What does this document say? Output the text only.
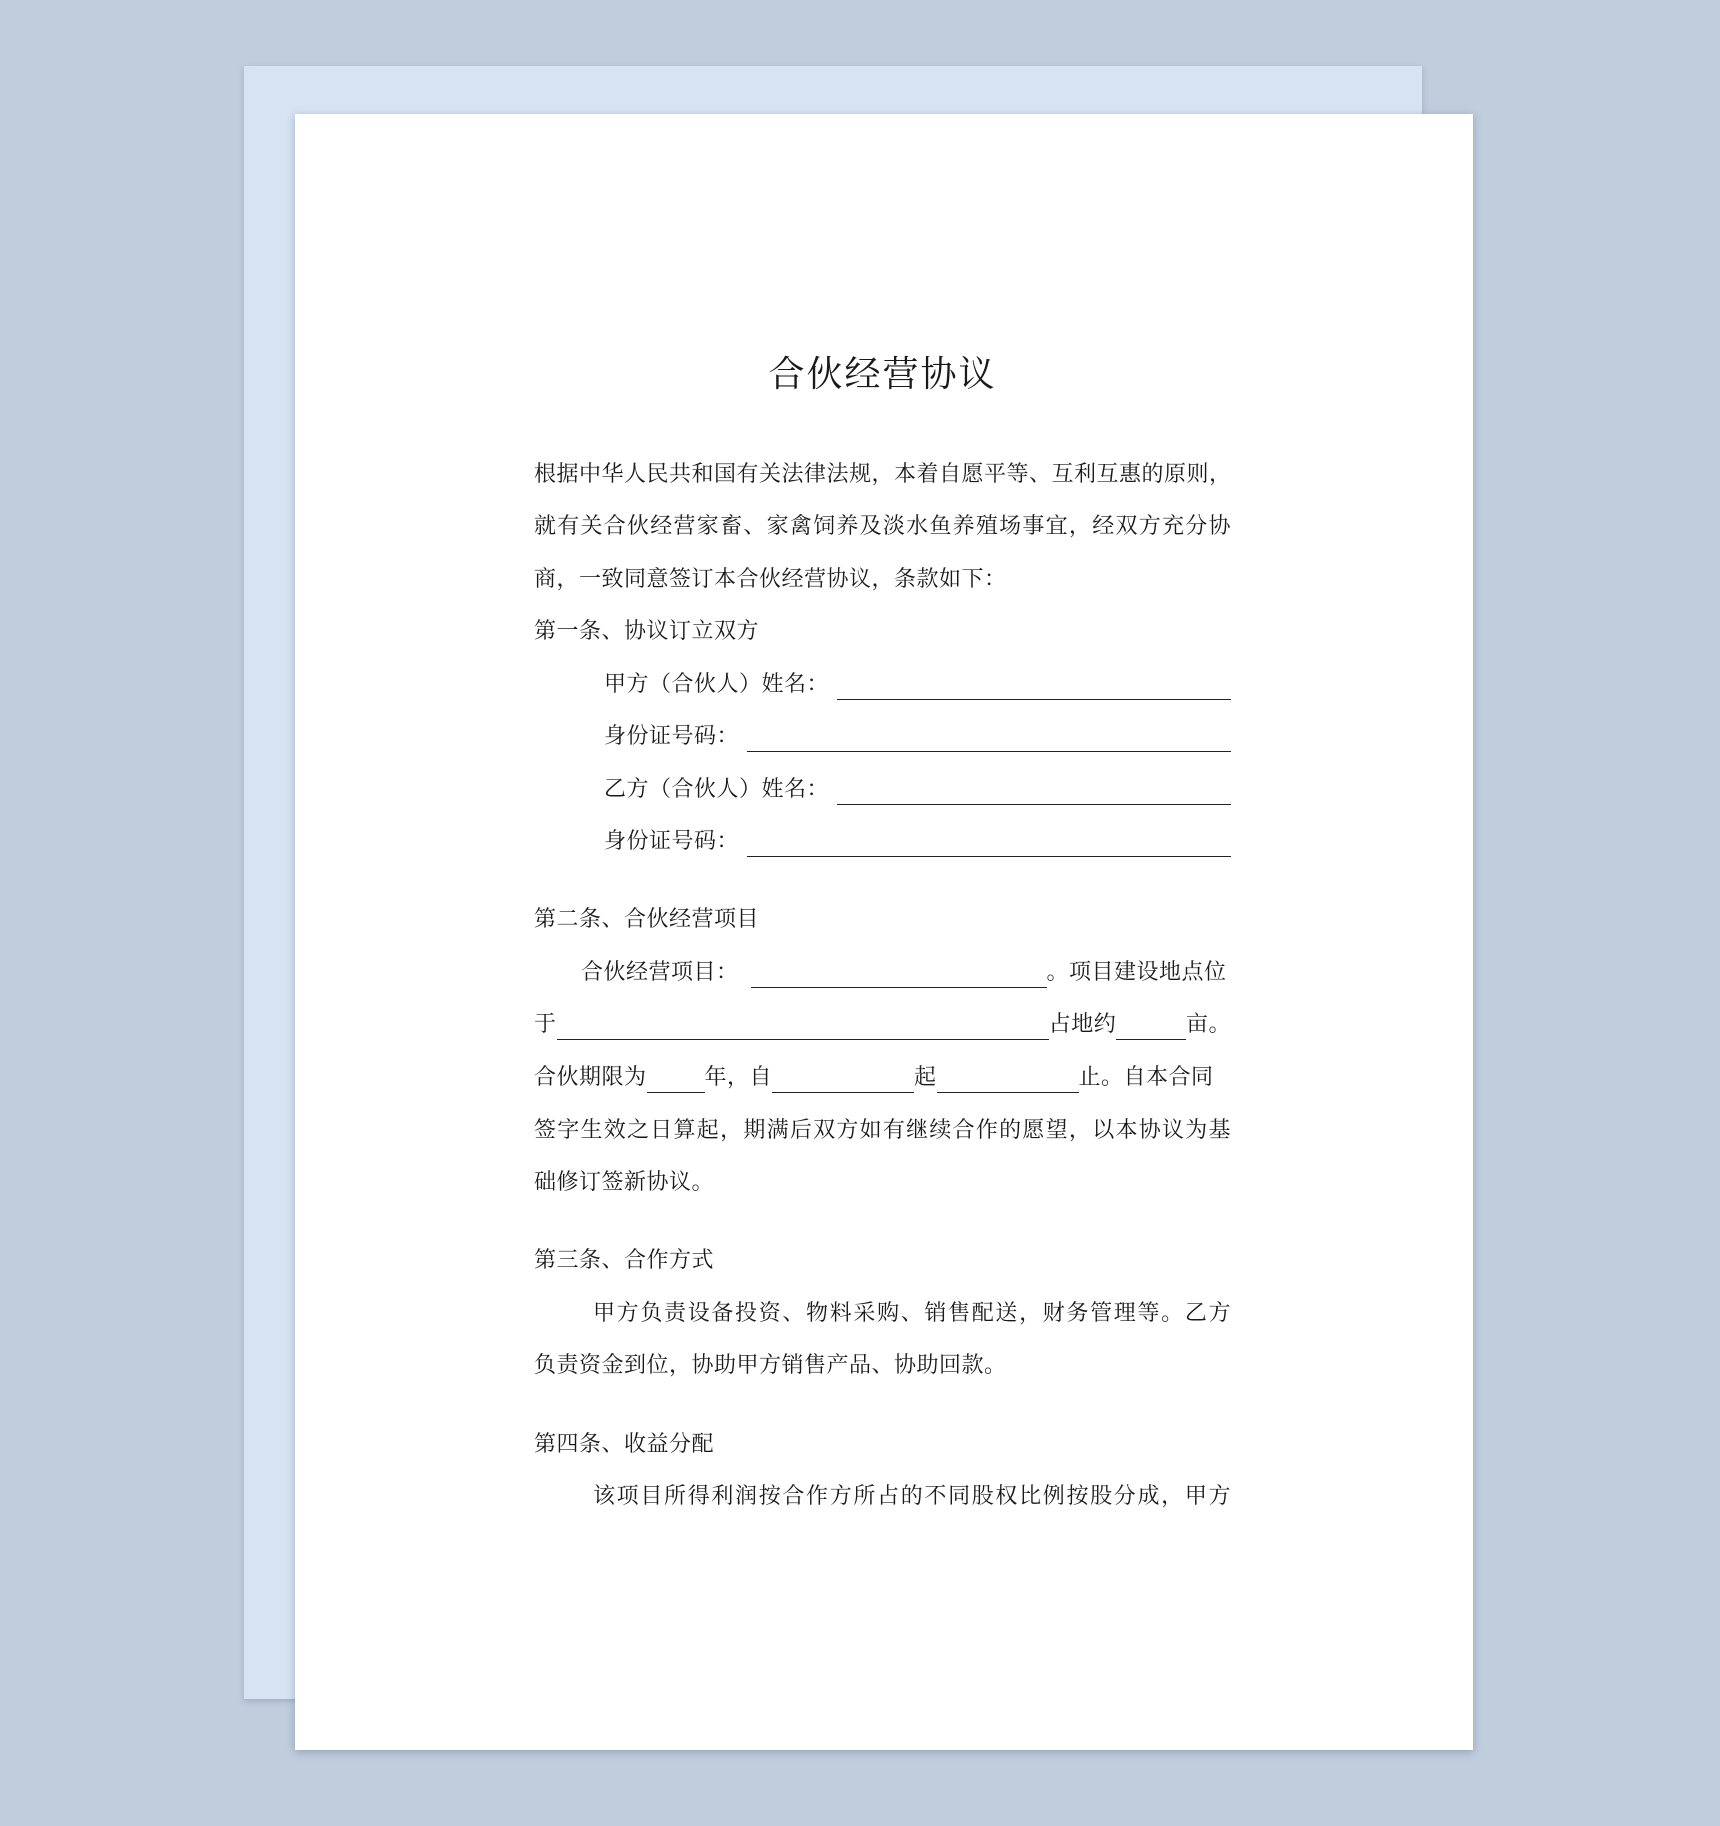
合伙经营协议
根据中华人民共和国有关法律法规，本着自愿平等、互利互惠的原则，
就有关合伙经营家畜、家禽饲养及淡水鱼养殖场事宜，经双方充分协
商，一致同意签订本合伙经营协议，条款如下：
第一条、协议订立双方
甲方（合伙人）姓名：
身份证号码：
乙方（合伙人）姓名：
身份证号码：
第二条、合伙经营项目
合伙经营项目：	。项目建设地点位
于	占地约	亩。
合伙期限为	年，自	起	止。自本合同
签字生效之日算起，期满后双方如有继续合作的愿望，以本协议为基
础修订签新协议。
第三条、合作方式
甲方负责设备投资、物料采购、销售配送，财务管理等。乙方
负责资金到位，协助甲方销售产品、协助回款。
第四条、收益分配
该项目所得利润按合作方所占的不同股权比例按股分成，甲方
